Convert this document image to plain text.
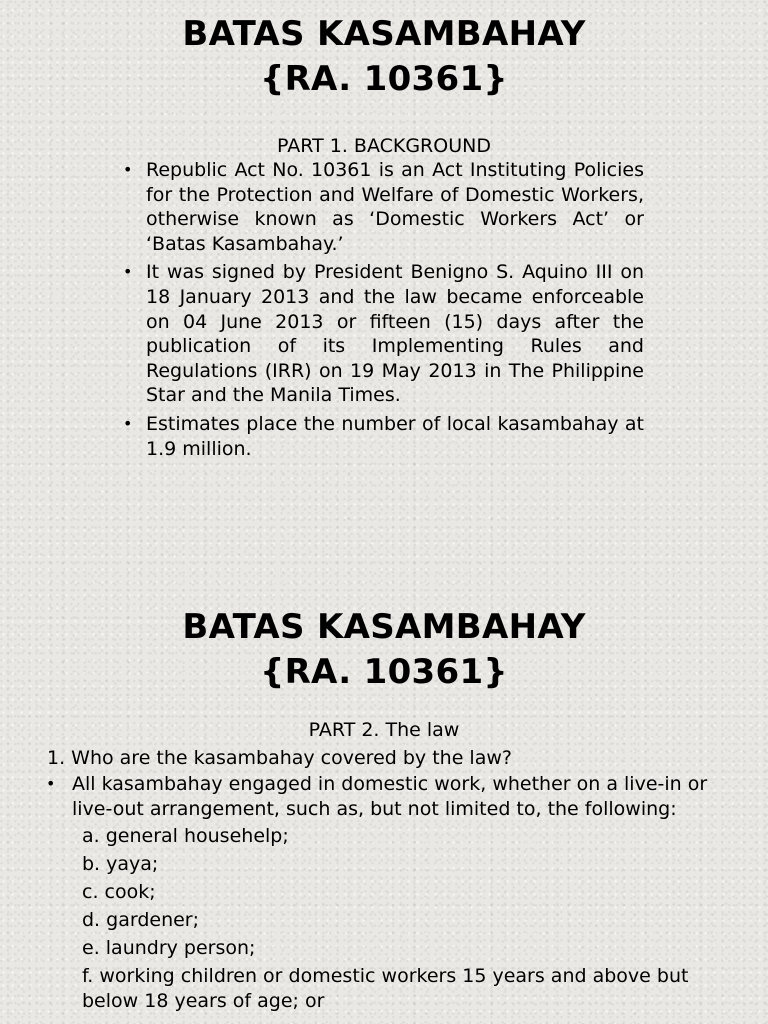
BATAS KASAMBAHAY
{RA. 10361}
PART 1. BACKGROUND
• Republic Act No. 10361 is an Act Instituting Policies for the Protection and Welfare of Domestic Workers, otherwise known as ‘Domestic Workers Act’ or ‘Batas Kasambahay.’
• It was signed by President Benigno S. Aquino III on 18 January 2013 and the law became enforceable on 04 June 2013 or fifteen (15) days after the publication of its Implementing Rules and Regulations (IRR) on 19 May 2013 in The Philippine Star and the Manila Times.
• Estimates place the number of local kasambahay at 1.9 million.
BATAS KASAMBAHAY
{RA. 10361}
PART 2. The law
1. Who are the kasambahay covered by the law?
• All kasambahay engaged in domestic work, whether on a live-in or live-out arrangement, such as, but not limited to, the following:
a. general househelp;
b. yaya;
c. cook;
d. gardener;
e. laundry person;
f. working children or domestic workers 15 years and above but below 18 years of age; or
